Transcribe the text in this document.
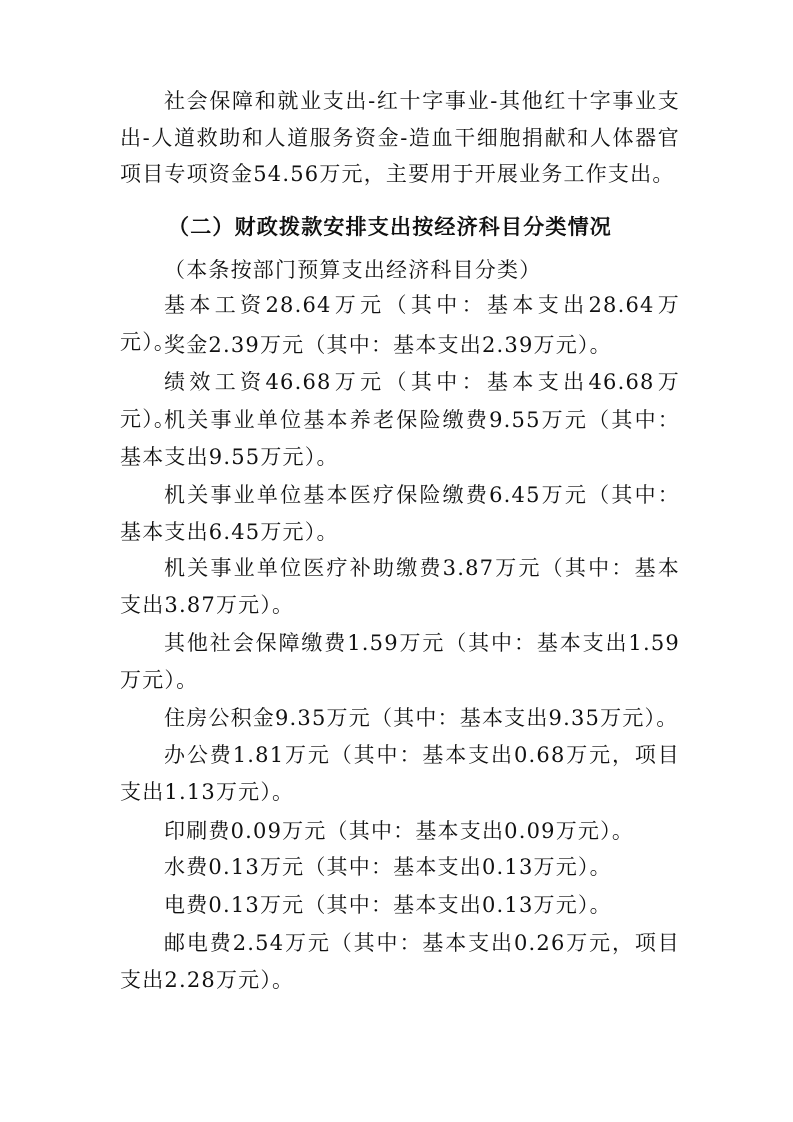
社会保障和就业支出-红十字事业-其他红十字事业支出-人道救助和人道服务资金-造血干细胞捐献和人体器官项目专项资金54.56万元，主要用于开展业务工作支出。

（二）财政拨款安排支出按经济科目分类情况

（本条按部门预算支出经济科目分类）

基本工资28.64万元（其中：基本支出28.64万元）。

奖金2.39万元（其中：基本支出2.39万元）。

绩效工资46.68万元（其中：基本支出46.68万元）。

机关事业单位基本养老保险缴费9.55万元（其中：基本支出9.55万元）。

机关事业单位基本医疗保险缴费6.45万元（其中：基本支出6.45万元）。

机关事业单位医疗补助缴费3.87万元（其中：基本支出3.87万元）。

其他社会保障缴费1.59万元（其中：基本支出1.59万元）。

住房公积金9.35万元（其中：基本支出9.35万元）。

办公费1.81万元（其中：基本支出0.68万元，项目支出1.13万元）。

印刷费0.09万元（其中：基本支出0.09万元）。

水费0.13万元（其中：基本支出0.13万元）。

电费0.13万元（其中：基本支出0.13万元）。

邮电费2.54万元（其中：基本支出0.26万元，项目支出2.28万元）。
